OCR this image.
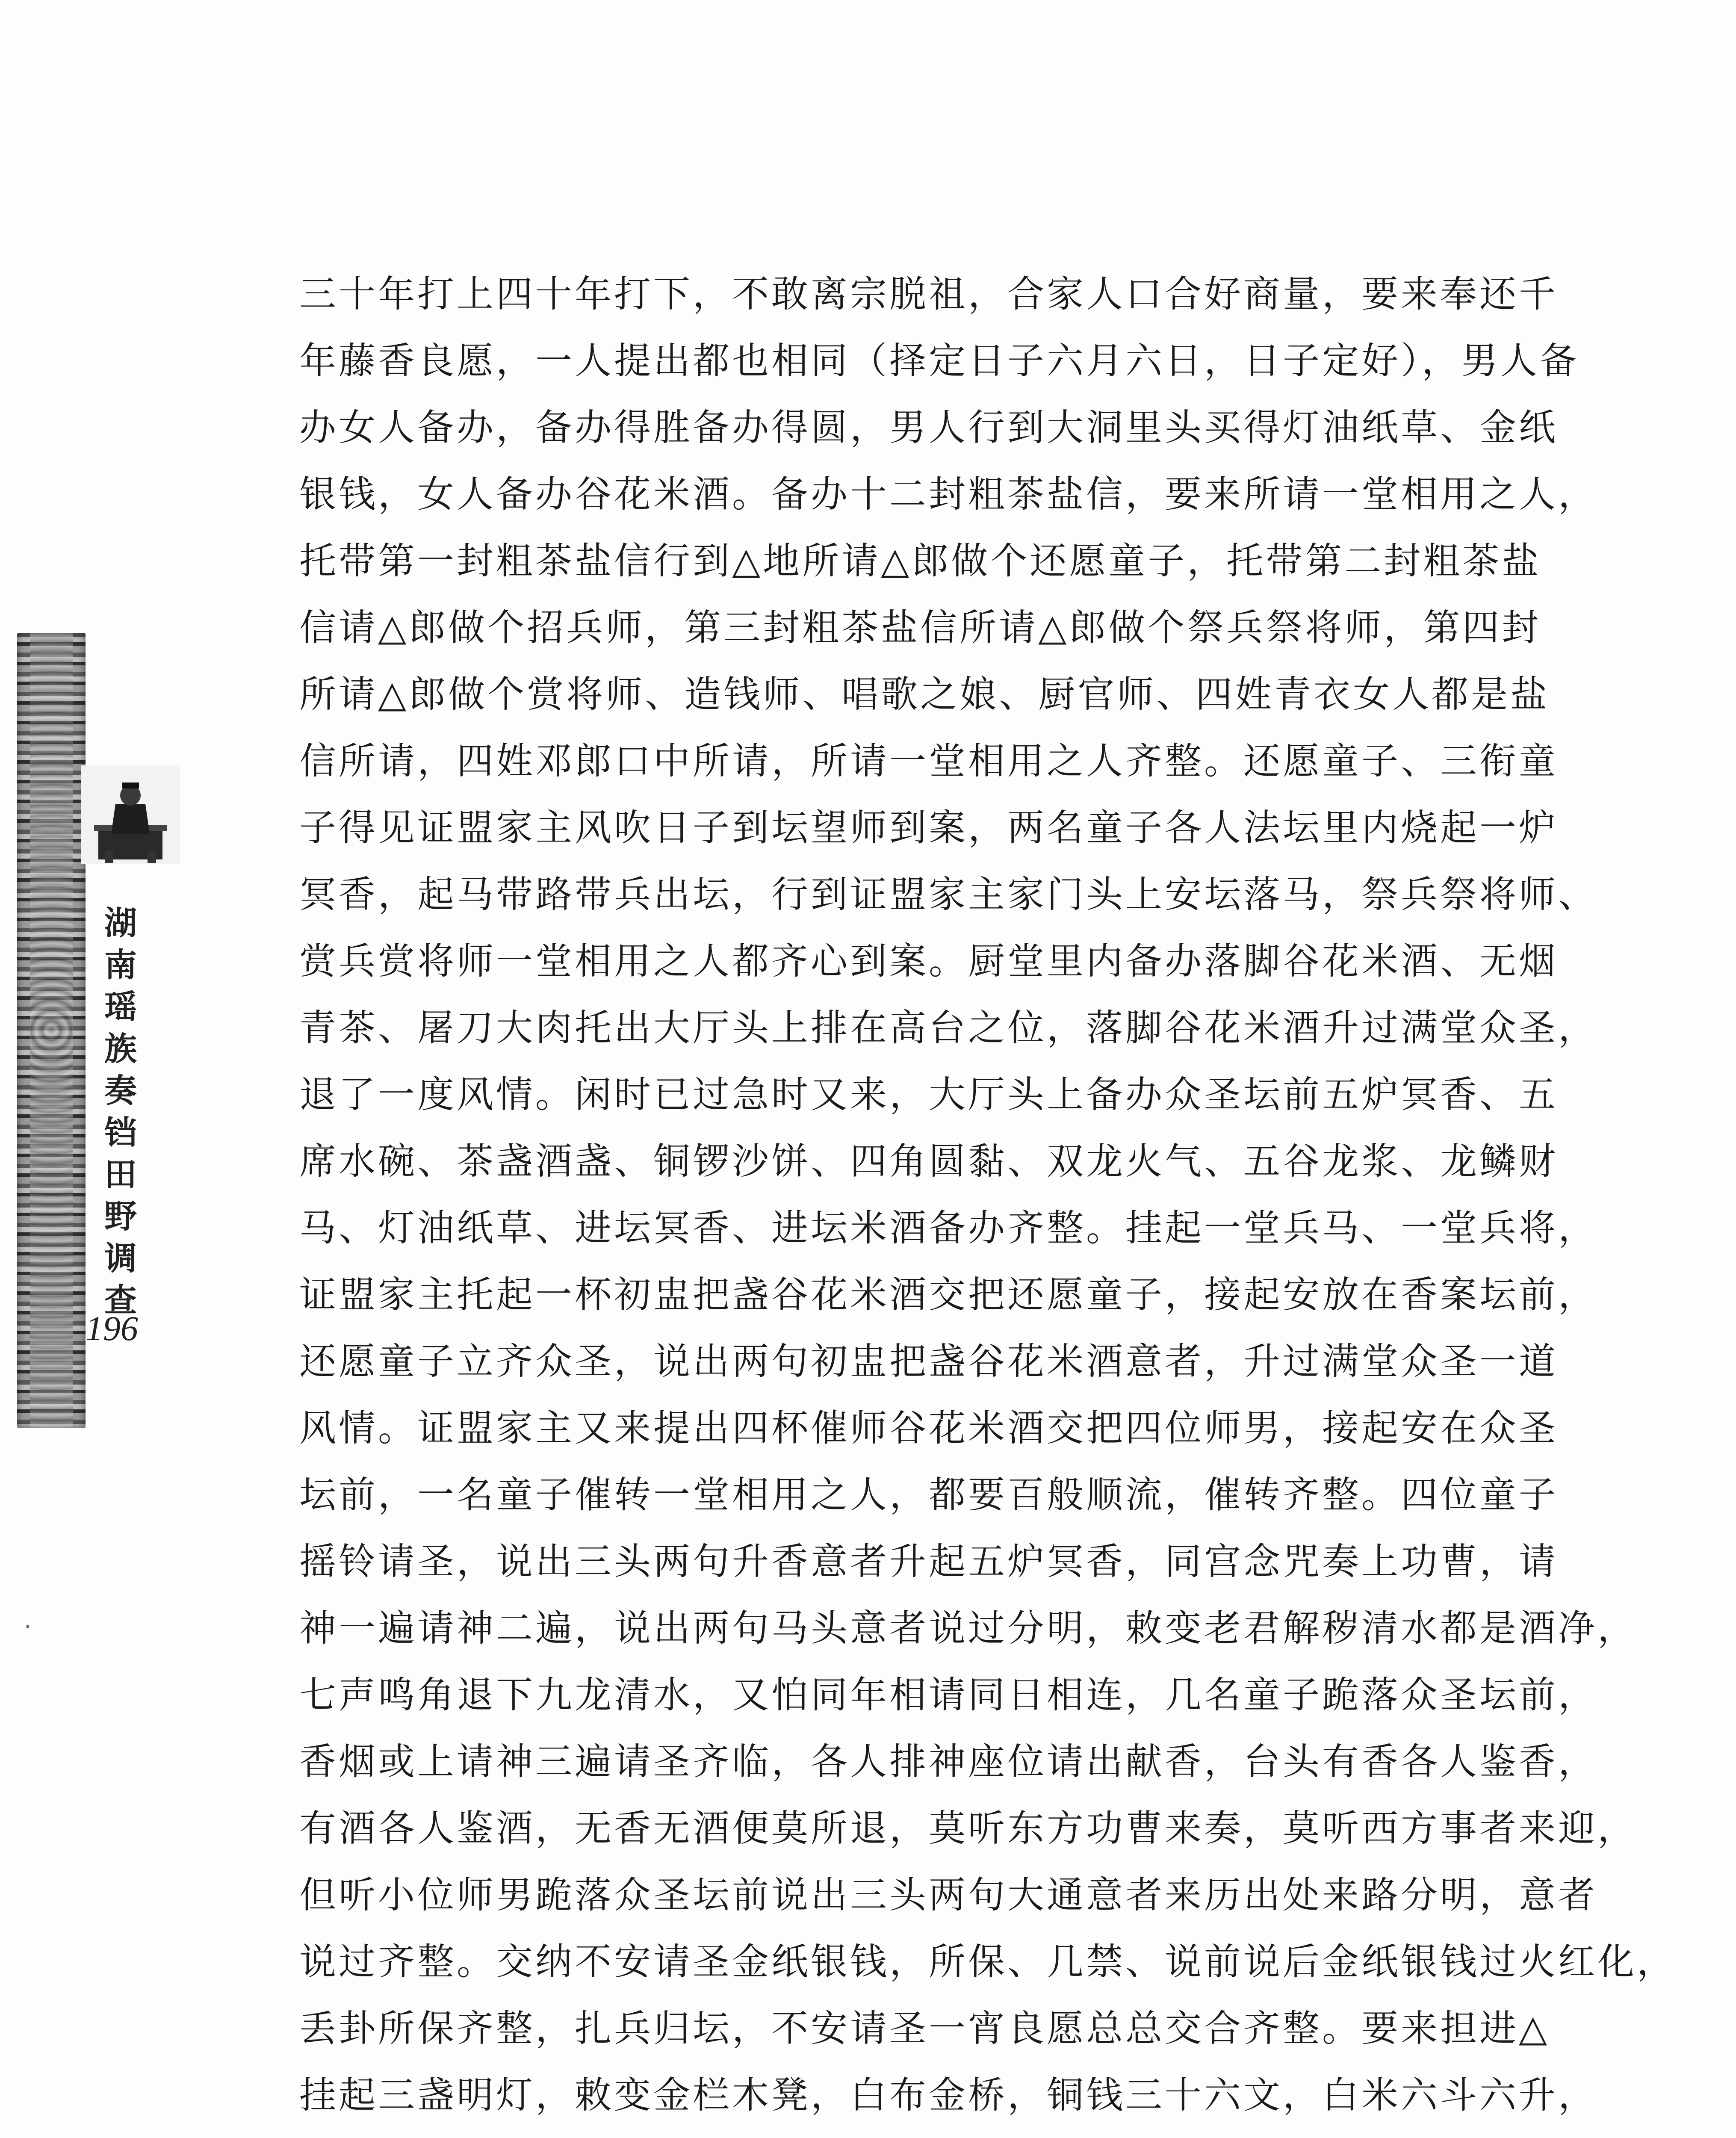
湖南瑶族奏铛田野调查
196
三十年打上四十年打下，不敢离宗脱祖，合家人口合好商量，要来奉还千
年藤香良愿，一人提出都也相同（择定日子六月六日，日子定好），男人备
办女人备办，备办得胜备办得圆，男人行到大洞里头买得灯油纸草、金纸
银钱，女人备办谷花米酒。备办十二封粗茶盐信，要来所请一堂相用之人，
托带第一封粗茶盐信行到△地所请△郎做个还愿童子，托带第二封粗茶盐
信请△郎做个招兵师，第三封粗茶盐信所请△郎做个祭兵祭将师，第四封
所请△郎做个赏将师、造钱师、唱歌之娘、厨官师、四姓青衣女人都是盐
信所请，四姓邓郎口中所请，所请一堂相用之人齐整。还愿童子、三衔童
子得见证盟家主风吹日子到坛望师到案，两名童子各人法坛里内烧起一炉
冥香，起马带路带兵出坛，行到证盟家主家门头上安坛落马，祭兵祭将师、
赏兵赏将师一堂相用之人都齐心到案。厨堂里内备办落脚谷花米酒、无烟
青茶、屠刀大肉托出大厅头上排在高台之位，落脚谷花米酒升过满堂众圣，
退了一度风情。闲时已过急时又来，大厅头上备办众圣坛前五炉冥香、五
席水碗、茶盏酒盏、铜锣沙饼、四角圆黏、双龙火气、五谷龙浆、龙鳞财
马、灯油纸草、进坛冥香、进坛米酒备办齐整。挂起一堂兵马、一堂兵将，
证盟家主托起一杯初盅把盏谷花米酒交把还愿童子，接起安放在香案坛前，
还愿童子立齐众圣，说出两句初盅把盏谷花米酒意者，升过满堂众圣一道
风情。证盟家主又来提出四杯催师谷花米酒交把四位师男，接起安在众圣
坛前，一名童子催转一堂相用之人，都要百般顺流，催转齐整。四位童子
摇铃请圣，说出三头两句升香意者升起五炉冥香，同宫念咒奏上功曹，请
神一遍请神二遍，说出两句马头意者说过分明，敕变老君解秽清水都是酒净，
七声鸣角退下九龙清水，又怕同年相请同日相连，几名童子跪落众圣坛前，
香烟或上请神三遍请圣齐临，各人排神座位请出献香，台头有香各人鉴香，
有酒各人鉴酒，无香无酒便莫所退，莫听东方功曹来奏，莫听西方事者来迎，
但听小位师男跪落众圣坛前说出三头两句大通意者来历出处来路分明，意者
说过齐整。交纳不安请圣金纸银钱，所保、几禁、说前说后金纸银钱过火红化，
丢卦所保齐整，扎兵归坛，不安请圣一宵良愿总总交合齐整。要来担进△
挂起三盏明灯，敕变金栏木凳，白布金桥，铜钱三十六文，白米六斗六升，
